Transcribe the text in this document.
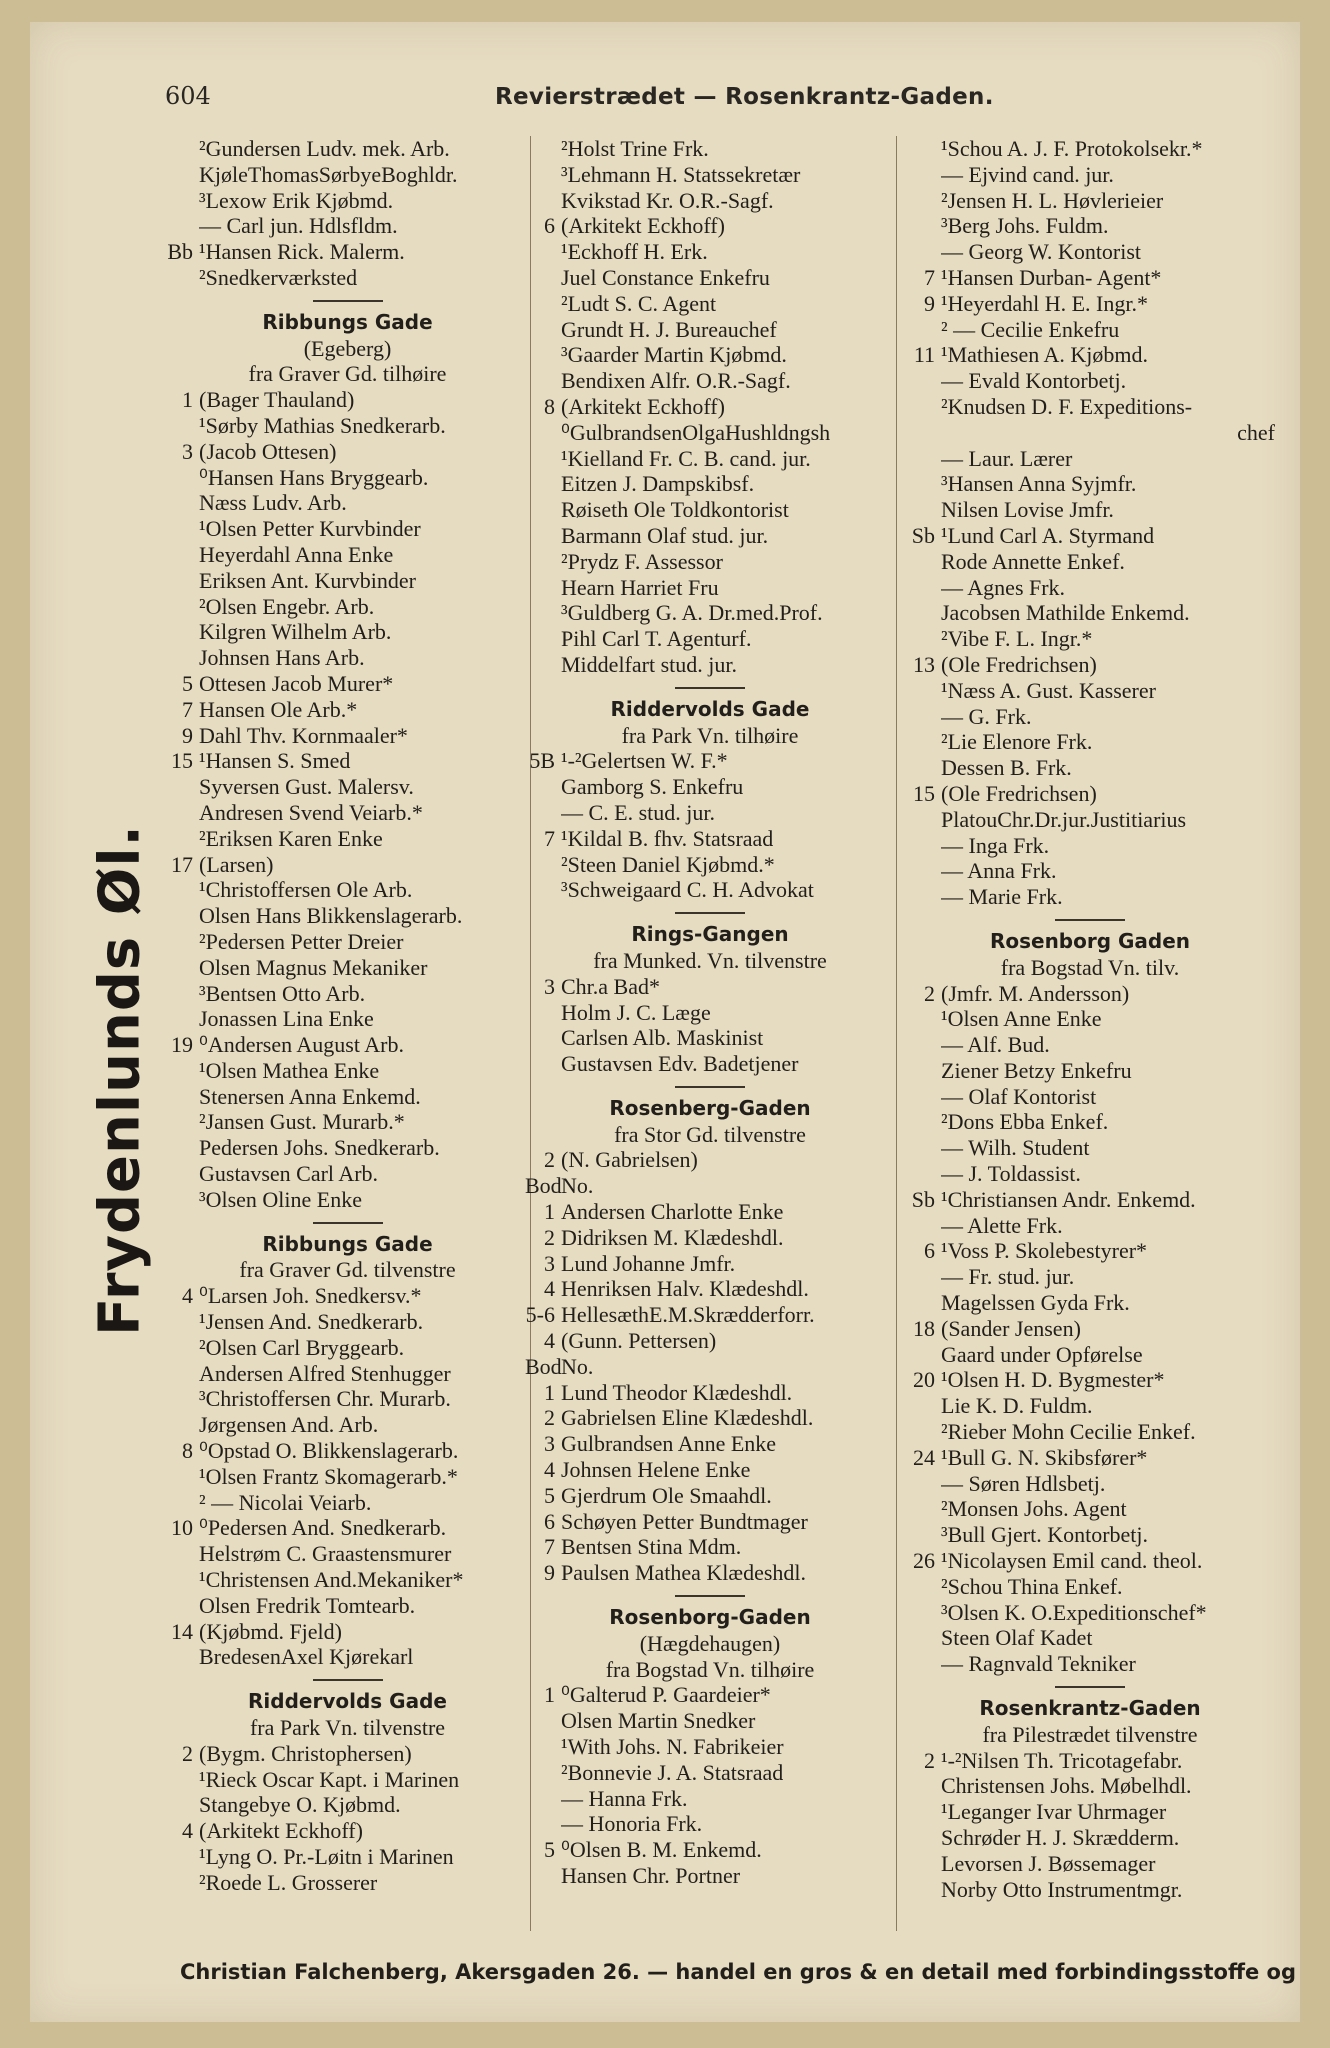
604	Revierstrædet — Rosenkrantz-Gaden.
Frydenlunds Øl.
²Gundersen Ludv. mek. Arb.
KjøleThomasSørbyeBoghldr.
³Lexow Erik Kjøbmd.
— Carl jun. Hdlsfldm.
Bb ¹Hansen Rick. Malerm.
²Snedkerværksted
Ribbungs Gade
(Egeberg)
fra Graver Gd. tilhøire
1 (Bager Thauland)
¹Sørby Mathias Snedkerarb.
3 (Jacob Ottesen)
⁰Hansen Hans Bryggearb.
Næss Ludv. Arb.
¹Olsen Petter Kurvbinder
Heyerdahl Anna Enke
Eriksen Ant. Kurvbinder
²Olsen Engebr. Arb.
Kilgren Wilhelm Arb.
Johnsen Hans Arb.
5 Ottesen Jacob Murer*
7 Hansen Ole Arb.*
9 Dahl Thv. Kornmaaler*
15 ¹Hansen S. Smed
Syversen Gust. Malersv.
Andresen Svend Veiarb.*
²Eriksen Karen Enke
17 (Larsen)
¹Christoffersen Ole Arb.
Olsen Hans Blikkenslagerarb.
²Pedersen Petter Dreier
Olsen Magnus Mekaniker
³Bentsen Otto Arb.
Jonassen Lina Enke
19 ⁰Andersen August Arb.
¹Olsen Mathea Enke
Stenersen Anna Enkemd.
²Jansen Gust. Murarb.*
Pedersen Johs. Snedkerarb.
Gustavsen Carl Arb.
³Olsen Oline Enke
Ribbungs Gade
fra Graver Gd. tilvenstre
4 ⁰Larsen Joh. Snedkersv.*
¹Jensen And. Snedkerarb.
²Olsen Carl Bryggearb.
Andersen Alfred Stenhugger
³Christoffersen Chr. Murarb.
Jørgensen And. Arb.
8 ⁰Opstad O. Blikkenslagerarb.
¹Olsen Frantz Skomagerarb.*
² — Nicolai Veiarb.
10 ⁰Pedersen And. Snedkerarb.
Helstrøm C. Graastensmurer
¹Christensen And.Mekaniker*
Olsen Fredrik Tomtearb.
14 (Kjøbmd. Fjeld)
BredesenAxel Kjørekarl
Riddervolds Gade
fra Park Vn. tilvenstre
2 (Bygm. Christophersen)
¹Rieck Oscar Kapt. i Marinen
Stangebye O. Kjøbmd.
4 (Arkitekt Eckhoff)
¹Lyng O. Pr.-Løitn i Marinen
²Roede L. Grosserer
²Holst Trine Frk.
³Lehmann H. Statssekretær
Kvikstad Kr. O.R.-Sagf.
6 (Arkitekt Eckhoff)
¹Eckhoff H. Erk.
Juel Constance Enkefru
²Ludt S. C. Agent
Grundt H. J. Bureauchef
³Gaarder Martin Kjøbmd.
Bendixen Alfr. O.R.-Sagf.
8 (Arkitekt Eckhoff)
⁰GulbrandsenOlgaHushldngsh
¹Kielland Fr. C. B. cand. jur.
Eitzen J. Dampskibsf.
Røiseth Ole Toldkontorist
Barmann Olaf stud. jur.
²Prydz F. Assessor
Hearn Harriet Fru
³Guldberg G. A. Dr.med.Prof.
Pihl Carl T. Agenturf.
Middelfart stud. jur.
Riddervolds Gade
fra Park Vn. tilhøire
5B ¹-²Gelertsen W. F.*
Gamborg S. Enkefru
— C. E. stud. jur.
7 ¹Kildal B. fhv. Statsraad
²Steen Daniel Kjøbmd.*
³Schweigaard C. H. Advokat
Rings-Gangen
fra Munked. Vn. tilvenstre
3 Chr.a Bad*
Holm J. C. Læge
Carlsen Alb. Maskinist
Gustavsen Edv. Badetjener
Rosenberg-Gaden
fra Stor Gd. tilvenstre
2 (N. Gabrielsen)
Bod No.
1 Andersen Charlotte Enke
2 Didriksen M. Klædeshdl.
3 Lund Johanne Jmfr.
4 Henriksen Halv. Klædeshdl.
5-6 HellesæthE.M.Skrædderforr.
4 (Gunn. Pettersen)
Bod No.
1 Lund Theodor Klædeshdl.
2 Gabrielsen Eline Klædeshdl.
3 Gulbrandsen Anne Enke
4 Johnsen Helene Enke
5 Gjerdrum Ole Smaahdl.
6 Schøyen Petter Bundtmager
7 Bentsen Stina Mdm.
9 Paulsen Mathea Klædeshdl.
Rosenborg-Gaden
(Hægdehaugen)
fra Bogstad Vn. tilhøire
1 ⁰Galterud P. Gaardeier*
Olsen Martin Snedker
¹With Johs. N. Fabrikeier
²Bonnevie J. A. Statsraad
— Hanna Frk.
— Honoria Frk.
5 ⁰Olsen B. M. Enkemd.
Hansen Chr. Portner
¹Schou A. J. F. Protokolsekr.*
— Ejvind cand. jur.
²Jensen H. L. Høvlerieier
³Berg Johs. Fuldm.
— Georg W. Kontorist
7 ¹Hansen Durban- Agent*
9 ¹Heyerdahl H. E. Ingr.*
² — Cecilie Enkefru
11 ¹Mathiesen A. Kjøbmd.
— Evald Kontorbetj.
²Knudsen D. F. Expeditions-
chef
— Laur. Lærer
³Hansen Anna Syjmfr.
Nilsen Lovise Jmfr.
Sb ¹Lund Carl A. Styrmand
Rode Annette Enkef.
— Agnes Frk.
Jacobsen Mathilde Enkemd.
²Vibe F. L. Ingr.*
13 (Ole Fredrichsen)
¹Næss A. Gust. Kasserer
— G. Frk.
²Lie Elenore Frk.
Dessen B. Frk.
15 (Ole Fredrichsen)
PlatouChr.Dr.jur.Justitiarius
— Inga Frk.
— Anna Frk.
— Marie Frk.
Rosenborg Gaden
fra Bogstad Vn. tilv.
2 (Jmfr. M. Andersson)
¹Olsen Anne Enke
— Alf. Bud.
Ziener Betzy Enkefru
— Olaf Kontorist
²Dons Ebba Enkef.
— Wilh. Student
— J. Toldassist.
Sb ¹Christiansen Andr. Enkemd.
— Alette Frk.
6 ¹Voss P. Skolebestyrer*
— Fr. stud. jur.
Magelssen Gyda Frk.
18 (Sander Jensen)
Gaard under Opførelse
20 ¹Olsen H. D. Bygmester*
Lie K. D. Fuldm.
²Rieber Mohn Cecilie Enkef.
24 ¹Bull G. N. Skibsfører*
— Søren Hdlsbetj.
²Monsen Johs. Agent
³Bull Gjert. Kontorbetj.
26 ¹Nicolaysen Emil cand. theol.
²Schou Thina Enkef.
³Olsen K. O.Expeditionschef*
Steen Olaf Kadet
— Ragnvald Tekniker
Rosenkrantz-Gaden
fra Pilestrædet tilvenstre
2 ¹-²Nilsen Th. Tricotagefabr.
Christensen Johs. Møbelhdl.
¹Leganger Ivar Uhrmager
Schrøder H. J. Skrædderm.
Levorsen J. Bøssemager
Norby Otto Instrumentmgr.
Christian Falchenberg, Akersgaden 26. — handel en gros & en detail med forbindingsstoffe og
